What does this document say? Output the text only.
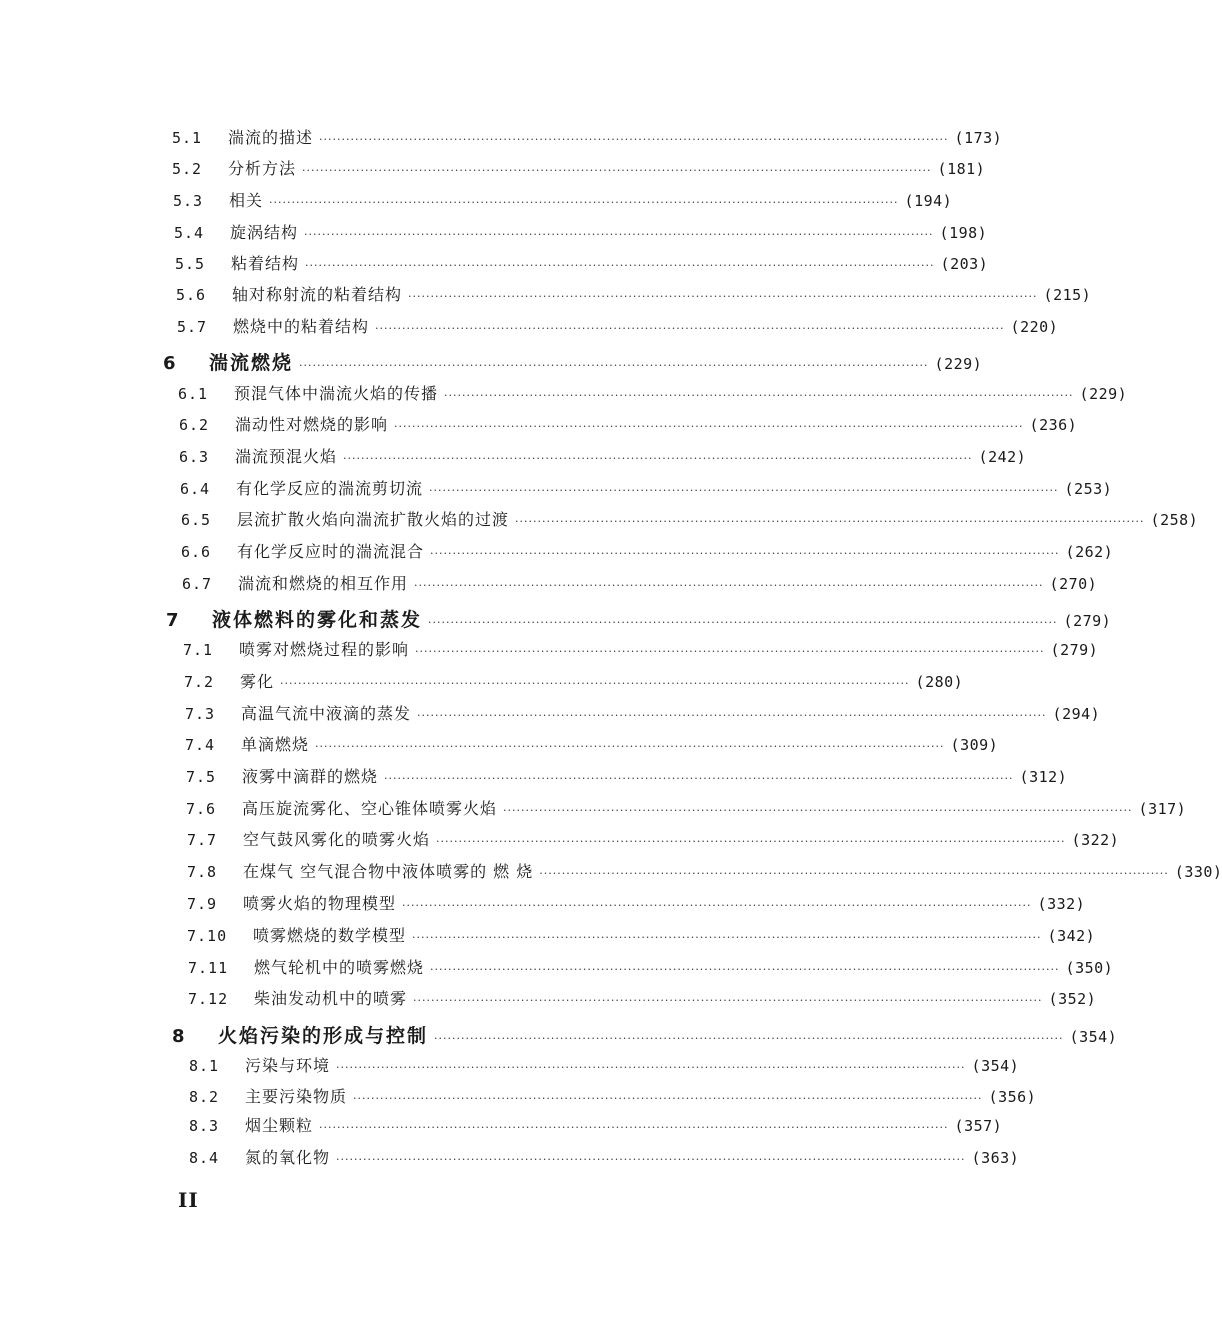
5.1 湍流的描述 ············································································································································ (173)
5.2 分析方法 ············································································································································ (181)
5.3 相关 ············································································································································ (194)
5.4 旋涡结构 ············································································································································ (198)
5.5 粘着结构 ············································································································································ (203)
5.6 轴对称射流的粘着结构 ············································································································································ (215)
5.7 燃烧中的粘着结构 ············································································································································ (220)
6	湍流燃烧 ············································································································································ (229)
6.1 预混气体中湍流火焰的传播 ············································································································································ (229)
6.2 湍动性对燃烧的影响 ············································································································································ (236)
6.3 湍流预混火焰 ············································································································································ (242)
6.4 有化学反应的湍流剪切流 ············································································································································ (253)
6.5 层流扩散火焰向湍流扩散火焰的过渡 ············································································································································ (258)
6.6 有化学反应时的湍流混合 ············································································································································ (262)
6.7 湍流和燃烧的相互作用 ············································································································································ (270)
7	液体燃料的雾化和蒸发 ············································································································································ (279)
7.1 喷雾对燃烧过程的影响 ············································································································································ (279)
7.2 雾化 ············································································································································ (280)
7.3 高温气流中液滴的蒸发 ············································································································································ (294)
7.4 单滴燃烧 ············································································································································ (309)
7.5 液雾中滴群的燃烧 ············································································································································ (312)
7.6 高压旋流雾化、空心锥体喷雾火焰 ············································································································································ (317)
7.7 空气鼓风雾化的喷雾火焰 ············································································································································ (322)
7.8 在煤气 空气混合物中液体喷雾的 燃 烧 ············································································································································ (330)
7.9 喷雾火焰的物理模型 ············································································································································ (332)
7.10 喷雾燃烧的数学模型 ············································································································································ (342)
7.11 燃气轮机中的喷雾燃烧 ············································································································································ (350)
7.12 柴油发动机中的喷雾 ············································································································································ (352)
8	火焰污染的形成与控制 ············································································································································ (354)
8.1 污染与环境 ············································································································································ (354)
8.2 主要污染物质 ············································································································································ (356)
8.3 烟尘颗粒 ············································································································································ (357)
8.4 氮的氧化物 ············································································································································ (363)
II
